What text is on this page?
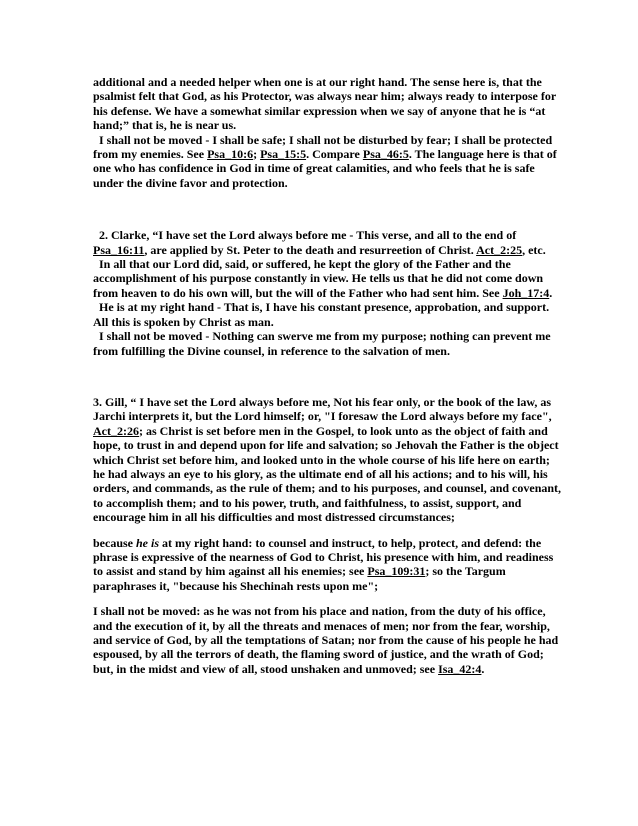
additional and a needed helper when one is at our right hand. The sense here is, that the psalmist felt that God, as his Protector, was always near him; always ready to interpose for his defense. We have a somewhat similar expression when we say of anyone that he is “at hand;” that is, he is near us.

I shall not be moved - I shall be safe; I shall not be disturbed by fear; I shall be protected from my enemies. See Psa_10:6; Psa_15:5. Compare Psa_46:5. The language here is that of one who has confidence in God in time of great calamities, and who feels that he is safe under the divine favor and protection.

2. Clarke, “I have set the Lord always before me - This verse, and all to the end of Psa_16:11, are applied by St. Peter to the death and resurreetion of Christ. Act_2:25, etc.

In all that our Lord did, said, or suffered, he kept the glory of the Father and the accomplishment of his purpose constantly in view. He tells us that he did not come down from heaven to do his own will, but the will of the Father who had sent him. See Joh_17:4.

He is at my right hand - That is, I have his constant presence, approbation, and support. All this is spoken by Christ as man.

I shall not be moved - Nothing can swerve me from my purpose; nothing can prevent me from fulfilling the Divine counsel, in reference to the salvation of men.

3. Gill, “ I have set the Lord always before me, Not his fear only, or the book of the law, as Jarchi interprets it, but the Lord himself; or, "I foresaw the Lord always before my face", Act_2:26; as Christ is set before men in the Gospel, to look unto as the object of faith and hope, to trust in and depend upon for life and salvation; so Jehovah the Father is the object which Christ set before him, and looked unto in the whole course of his life here on earth; he had always an eye to his glory, as the ultimate end of all his actions; and to his will, his orders, and commands, as the rule of them; and to his purposes, and counsel, and covenant, to accomplish them; and to his power, truth, and faithfulness, to assist, support, and encourage him in all his difficulties and most distressed circumstances;

because he is at my right hand: to counsel and instruct, to help, protect, and defend: the phrase is expressive of the nearness of God to Christ, his presence with him, and readiness to assist and stand by him against all his enemies; see Psa_109:31; so the Targum paraphrases it, "because his Shechinah rests upon me";

I shall not be moved: as he was not from his place and nation, from the duty of his office, and the execution of it, by all the threats and menaces of men; nor from the fear, worship, and service of God, by all the temptations of Satan; nor from the cause of his people he had espoused, by all the terrors of death, the flaming sword of justice, and the wrath of God; but, in the midst and view of all, stood unshaken and unmoved; see Isa_42:4.
